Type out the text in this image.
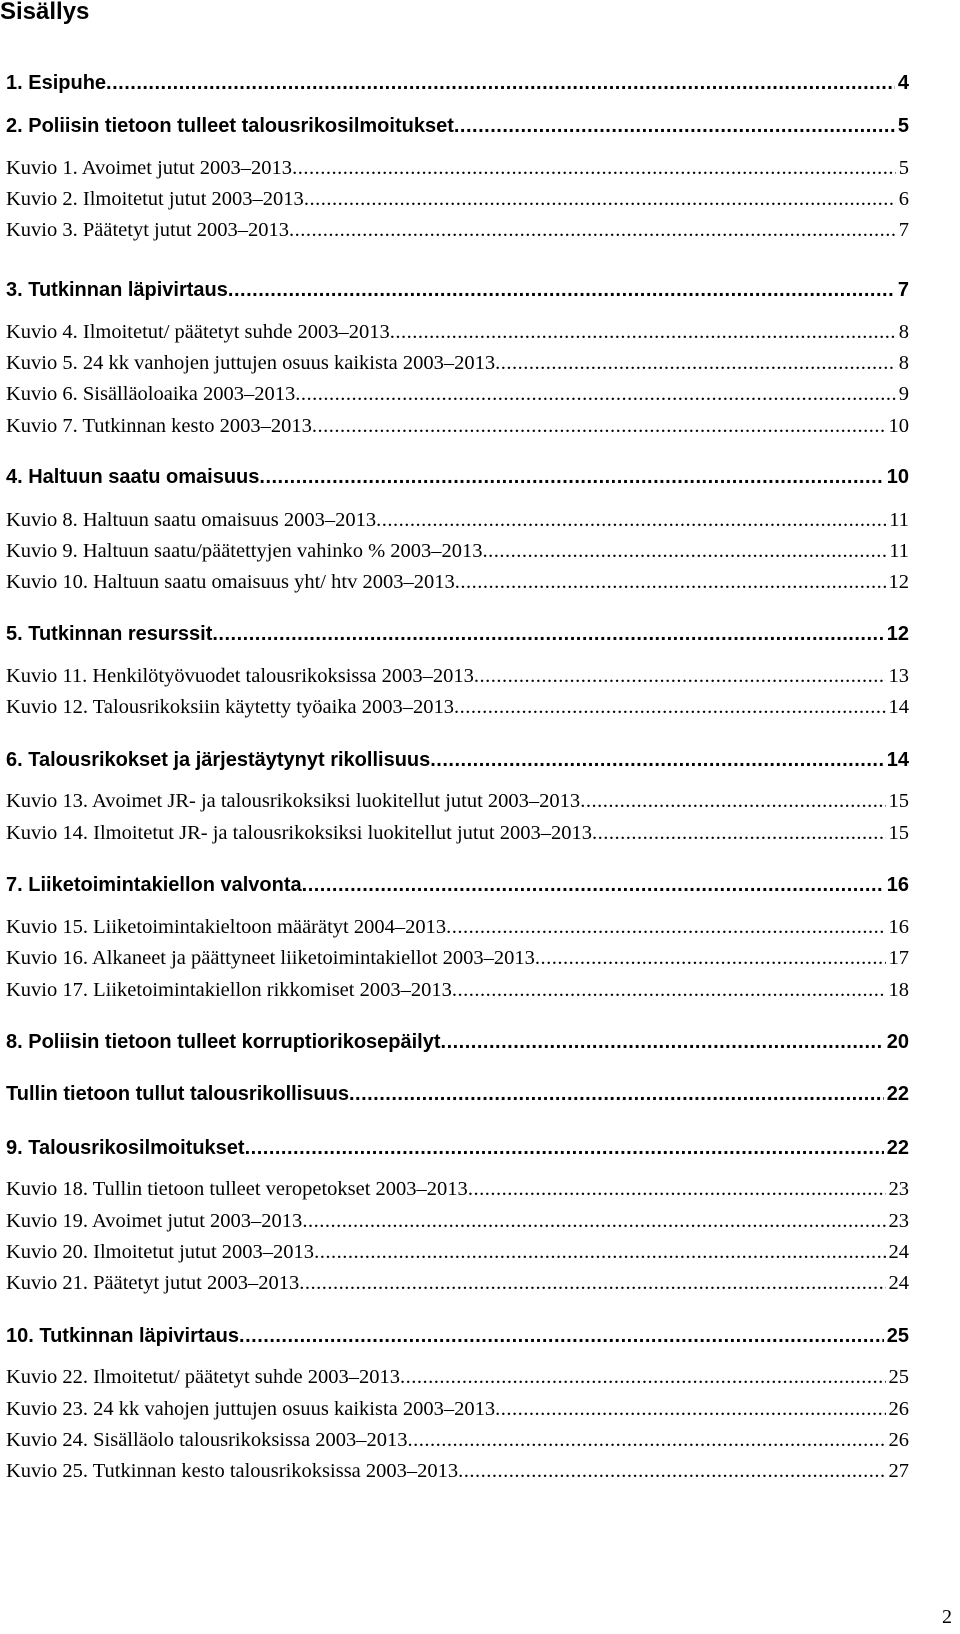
Sisällys
1. Esipuhe .....	4
2. Poliisin tietoon tulleet talousrikosilmoitukset .....	5
Kuvio 1. Avoimet jutut 2003–2013 .....	5
Kuvio 2. Ilmoitetut jutut 2003–2013 .....	6
Kuvio 3. Päätetyt jutut 2003–2013 .....	7
3. Tutkinnan läpivirtaus .....	7
Kuvio 4. Ilmoitetut/ päätetyt suhde 2003–2013 .....	8
Kuvio 5. 24 kk vanhojen juttujen osuus kaikista 2003–2013 .....	8
Kuvio 6. Sisälläoloaika 2003–2013 .....	9
Kuvio 7. Tutkinnan kesto 2003–2013 .....	10
4. Haltuun saatu omaisuus .....	10
Kuvio 8. Haltuun saatu omaisuus 2003–2013 .....	11
Kuvio 9. Haltuun saatu/päätettyjen vahinko % 2003–2013 .....	11
Kuvio 10. Haltuun saatu omaisuus yht/ htv 2003–2013 .....	12
5. Tutkinnan resurssit .....	12
Kuvio 11. Henkilötyövuodet talousrikoksissa 2003–2013 .....	13
Kuvio 12. Talousrikoksiin käytetty työaika 2003–2013 .....	14
6. Talousrikokset ja järjestäytynyt rikollisuus .....	14
Kuvio 13. Avoimet JR- ja talousrikoksiksi luokitellut jutut 2003–2013 .....	15
Kuvio 14. Ilmoitetut JR- ja talousrikoksiksi luokitellut jutut 2003–2013 .....	15
7. Liiketoimintakiellon valvonta .....	16
Kuvio 15. Liiketoimintakieltoon määrätyt 2004–2013 .....	16
Kuvio 16. Alkaneet ja päättyneet liiketoimintakiellot 2003–2013 .....	17
Kuvio 17. Liiketoimintakiellon rikkomiset 2003–2013 .....	18
8. Poliisin tietoon tulleet korruptiorikosepäilyt .....	20
Tullin tietoon tullut talousrikollisuus .....	22
9. Talousrikosilmoitukset .....	22
Kuvio 18. Tullin tietoon tulleet veropetokset 2003–2013 .....	23
Kuvio 19. Avoimet jutut 2003–2013 .....	23
Kuvio 20. Ilmoitetut jutut 2003–2013 .....	24
Kuvio 21. Päätetyt jutut 2003–2013 .....	24
10. Tutkinnan läpivirtaus .....	25
Kuvio 22. Ilmoitetut/ päätetyt suhde 2003–2013 .....	25
Kuvio 23. 24 kk vahojen juttujen osuus kaikista 2003–2013 .....	26
Kuvio 24. Sisälläolo talousrikoksissa 2003–2013 .....	26
Kuvio 25. Tutkinnan kesto talousrikoksissa 2003–2013 .....	27
2
